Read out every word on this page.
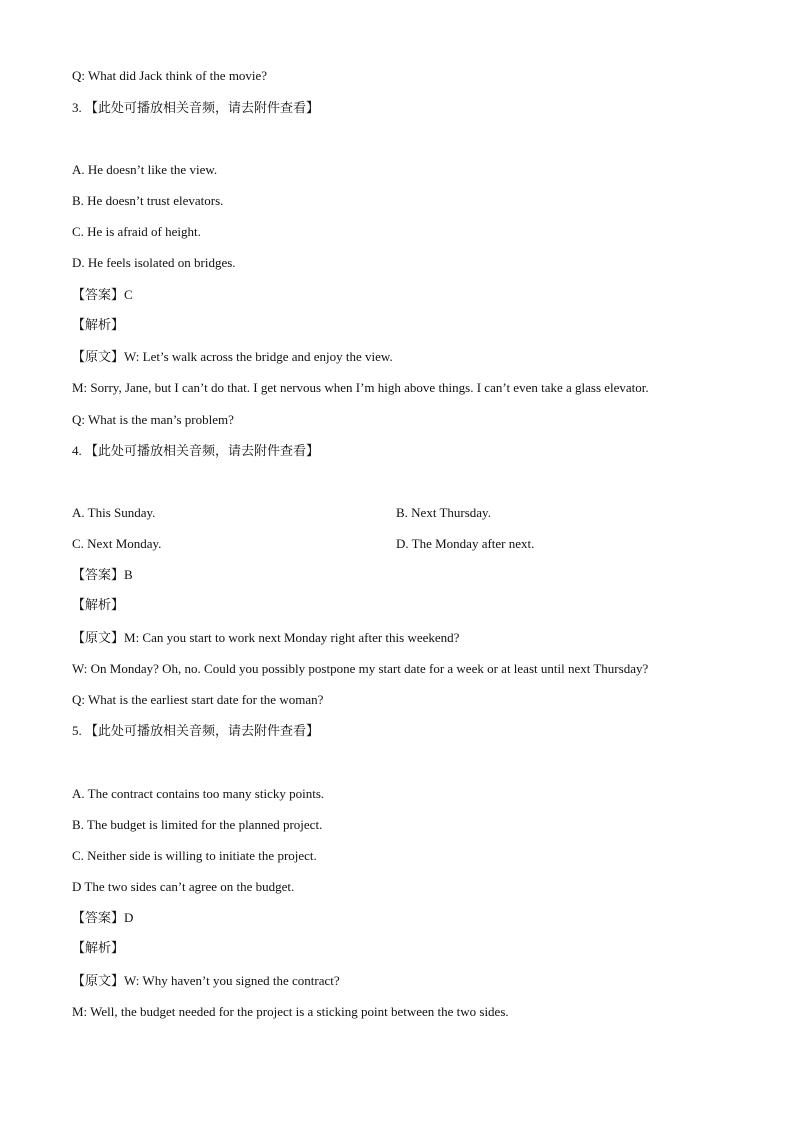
Q: What did Jack think of the movie?
3. 【此处可播放相关音频，请去附件查看】
A. He doesn’t like the view.
B. He doesn’t trust elevators.
C. He is afraid of height.
D. He feels isolated on bridges.
【答案】C
【解析】
【原文】W: Let’s walk across the bridge and enjoy the view.
M: Sorry, Jane, but I can’t do that. I get nervous when I’m high above things. I can’t even take a glass elevator.
Q: What is the man’s problem?
4. 【此处可播放相关音频，请去附件查看】
A. This Sunday.	B. Next Thursday.
C. Next Monday.	D. The Monday after next.
【答案】B
【解析】
【原文】M: Can you start to work next Monday right after this weekend?
W: On Monday? Oh, no. Could you possibly postpone my start date for a week or at least until next Thursday?
Q: What is the earliest start date for the woman?
5. 【此处可播放相关音频，请去附件查看】
A. The contract contains too many sticky points.
B. The budget is limited for the planned project.
C. Neither side is willing to initiate the project.
D The two sides can’t agree on the budget.
【答案】D
【解析】
【原文】W: Why haven’t you signed the contract?
M: Well, the budget needed for the project is a sticking point between the two sides.
